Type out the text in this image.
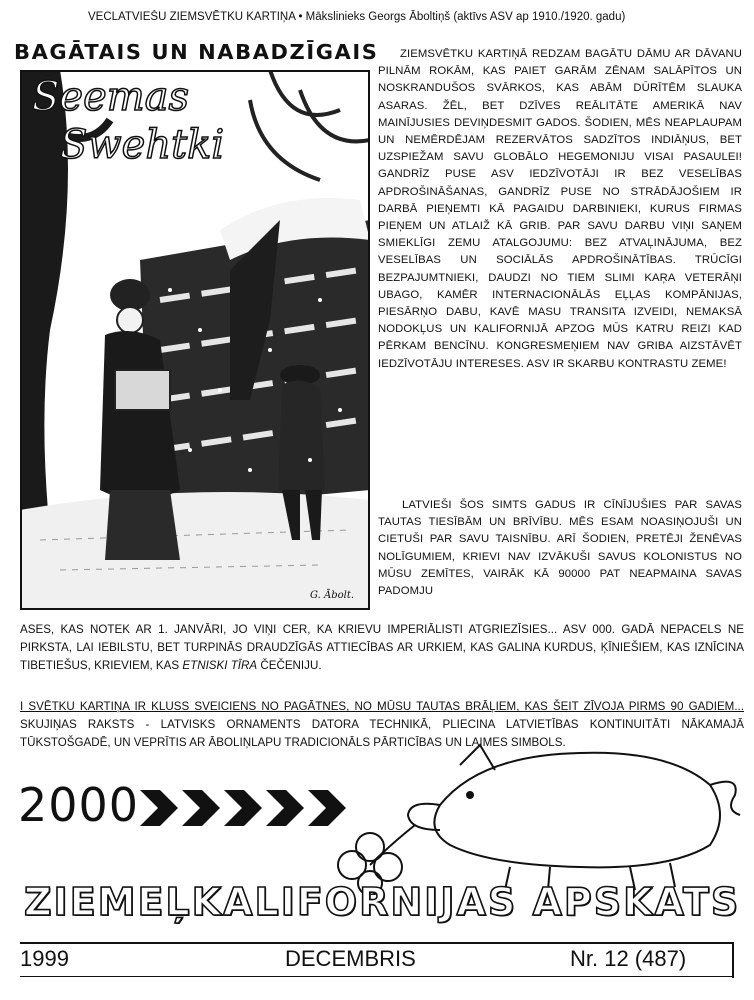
VECLATVIEŠU ZIEMSVĒTKU KARTIŅA • Mākslinieks Georgs Āboltiņš (aktīvs ASV ap 1910./1920. gadu)
BAGĀTAIS UN NABADZĪGAIS
Seemas
Swehtki
G. Ābolt.

ZIEMSVĒTKU KARTIŅĀ REDZAM BAGĀTU DĀMU AR DĀVANU PILNĀM ROKĀM, KAS PAIET GARĀM ZĒNAM SALĀPĪTOS UN NOSKRANDUŠOS SVĀRKOS, KAS ABĀM DŪRĪTĒM SLAUKA ASARAS. ŽĒL, BET DZĪVES REĀLITĀTE AMERIKĀ NAV MAINĪJUSIES DEVIŅDESMIT GADOS. ŠODIEN, MĒS NEAPLAUPAM UN NEMĒRDĒJAM REZERVĀTOS SADZĪTOS INDIĀŅUS, BET UZSPIEŽAM SAVU GLOBĀLO HEGEMONIJU VISAI PASAULEI! GANDRĪZ PUSE ASV IEDZĪVOTĀJI IR BEZ VESELĪBAS APDROŠINĀŠANAS, GANDRĪZ PUSE NO STRĀDĀJOŠIEM IR DARBĀ PIEŅEMTI KĀ PAGAIDU DARBINIEKI, KURUS FIRMAS PIEŅEM UN ATLAIŽ KĀ GRIB. PAR SAVU DARBU VIŅI SAŅEM SMIEKLĪGI ZEMU ATALGOJUMU: BEZ ATVAĻINĀJUMA, BEZ VESELĪBAS UN SOCIĀLĀS APDROŠINĀTĪBAS. TRŪCĪGI BEZPAJUMTNIEKI, DAUDZI NO TIEM SLIMI KAŖA VETERĀŅI UBAGO, KAMĒR INTERNACIONĀLĀS EĻĻAS KOMPĀNIJAS, PIESĀRŅO DABU, KAVĒ MASU TRANSITA IZVEIDI, NEMAKSĀ NODOKĻUS UN KALIFORNIJĀ APZOG MŪS KATRU REIZI KAD PĒRKAM BENCĪNU. KONGRESMEŅIEM NAV GRIBA AIZSTĀVĒT IEDZĪVOTĀJU INTERESES. ASV IR SKARBU KONTRASTU ZEME!

LATVIEŠI ŠOS SIMTS GADUS IR CĪNĪJUŠIES PAR SAVAS TAUTAS TIESĪBĀM UN BRĪVĪBU. MĒS ESAM NOASIŅOJUŠI UN CIETUŠI PAR SAVU TAISNĪBU. ARĪ ŠODIEN, PRETĒJI ŽENĒVAS NOLĪGUMIEM, KRIEVI NAV IZVĀKUŠI SAVUS KOLONISTUS NO MŪSU ZEMĪTES, VAIRĀK KĀ 90000 PAT NEAPMAINA SAVAS PADOMJU

ASES, KAS NOTEK AR 1. JANVĀRI, JO VIŅI CER, KA KRIEVU IMPERIĀLISTI ATGRIEZĪSIES... ASV 000. GADĀ NEPACELS NE PIRKSTA, LAI IEBILSTU, BET TURPINĀS DRAUDZĪGĀS ATTIECĪBAS AR URKIEM, KAS GALINA KURDUS, ĶĪNIEŠIEM, KAS IZNĪCINA TIBETIEŠUS, KRIEVIEM, KAS ETNISKI TĪRA ČEČENIJU.
I SVĒTKU KARTIŅA IR KLUSS SVEICIENS NO PAGĀTNES, NO MŪSU TAUTAS BRĀĻIEM, KAS ŠEIT ZĪVOJA PIRMS 90 GADIEM... SKUJIŅAS RAKSTS - LATVISKS ORNAMENTS DATORA TECHNIKĀ, PLIECINA LATVIETĪBAS KONTINUITĀTI NĀKAMAJĀ TŪKSTOŠGADĒ, UN VEPRĪTIS AR ĀBOLIŅLAPU TRADICIONĀLS PĀRTICĪBAS UN LAIMES SIMBOLS.
2000
ZIEMEĻKALIFORNIJAS APSKATS
1999	DECEMBRIS	Nr. 12 (487)
